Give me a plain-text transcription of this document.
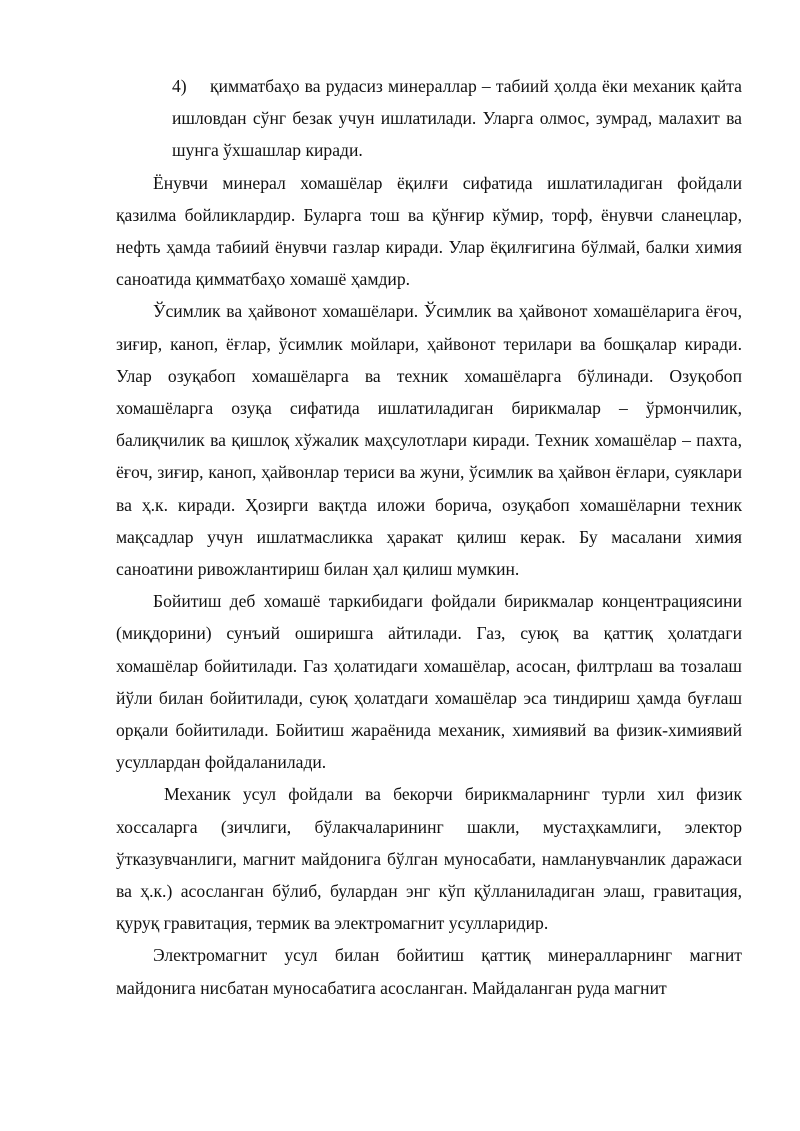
4) қимматбаҳо ва рудасиз минераллар – табиий ҳолда ёки механик қайта ишловдан сўнг безак учун ишлатилади. Уларга олмос, зумрад, малахит ва шунга ўхшашлар киради.

Ёнувчи минерал хомашёлар ёқилғи сифатида ишлатиладиган фойдали қазилма бойликлардир. Буларга тош ва қўнғир кўмир, торф, ёнувчи сланецлар, нефть ҳамда табиий ёнувчи газлар киради. Улар ёқилғигина бўлмай, балки химия саноатида қимматбаҳо хомашё ҳамдир.

Ўсимлик ва ҳайвонот хомашёлари. Ўсимлик ва ҳайвонот хомашёларига ёғоч, зиғир, каноп, ёғлар, ўсимлик мойлари, ҳайвонот терилари ва бошқалар киради. Улар озуқабоп хомашёларга ва техник хомашёларга бўлинади. Озуқобоп хомашёларга озуқа сифатида ишлатиладиган бирикмалар – ўрмончилик, балиқчилик ва қишлоқ хўжалик маҳсулотлари киради. Техник хомашёлар – пахта, ёғоч, зиғир, каноп, ҳайвонлар териси ва жуни, ўсимлик ва ҳайвон ёғлари, суяклари ва ҳ.к. киради. Ҳозирги вақтда иложи борича, озуқабоп хомашёларни техник мақсадлар учун ишлатмасликка ҳаракат қилиш керак. Бу масалани химия саноатини ривожлантириш билан ҳал қилиш мумкин.

Бойитиш деб хомашё таркибидаги фойдали бирикмалар концентрациясини (миқдорини) сунъий оширишга айтилади. Газ, суюқ ва қаттиқ ҳолатдаги хомашёлар бойитилади. Газ ҳолатидаги хомашёлар, асосан, филтрлаш ва тозалаш йўли билан бойитилади, суюқ ҳолатдаги хомашёлар эса тиндириш ҳамда буғлаш орқали бойитилади. Бойитиш жараёнида механик, химиявий ва физик-химиявий усуллардан фойдаланилади.

Механик усул фойдали ва бекорчи бирикмаларнинг турли хил физик хоссаларга (зичлиги, бўлакчаларининг шакли, мустаҳкамлиги, электор ўтказувчанлиги, магнит майдонига бўлган муносабати, намланувчанлик даражаси ва ҳ.к.) асосланган бўлиб, булардан энг кўп қўлланиладиган элаш, гравитация, қуруқ гравитация, термик ва электромагнит усулларидир.

Электромагнит усул билан бойитиш қаттиқ минералларнинг магнит майдонига нисбатан муносабатига асосланган. Майдаланган руда магнит
